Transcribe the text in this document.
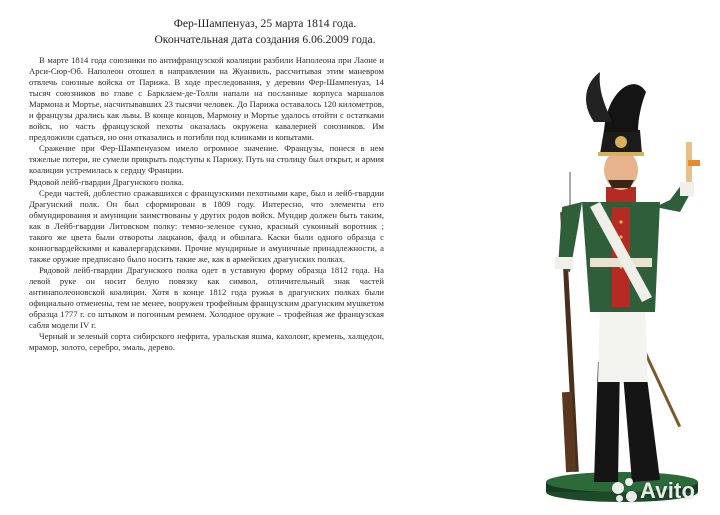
Фер-Шампенуаз, 25 марта 1814 года.
Окончательная дата создания 6.06.2009 года.

В марте 1814 года союзники по антифранцузской коалиции разбили Наполеона при Лаоне и Арси-Сюр-Об. Наполеон отошел в направлении на Жуанвиль, рассчитывая этим маневром отвлечь союзные войска от Парижа. В ходе преследования, у деревни Фер-Шампенуаз, 14 тысяч союзников во главе с Барклаем-де-Толли напали на посланные корпуса маршалов Мармона и Мортье, насчитывавших 23 тысячи человек. До Парижа оставалось 120 километров, и французы дрались как львы. В конце концов, Мармону и Мортье удалось отойти с остатками войск, но часть французской пехоты оказалась окружена кавалерией союзников. Им предложили сдаться, но они отказались и погибли под клинками и копытами.

Сражение при Фер-Шампенуазом имело огромное значение. Французы, понеся в нем тяжелые потери, не сумели прикрыть подступы к Парижу. Путь на столицу был открыт, и армия коалиции устремилась к сердцу Франции.

Рядовой лейб-гвардии Драгунского полка.

Среди частей, доблестно сражавшихся с французскими пехотными каре, был и лейб-гвардии Драгунский полк. Он был сформирован в 1809 году. Интересно, что элементы его обмундирования и амуниции заимствованы у других родов войск. Мундир должен быть таким, как в Лейб-гвардии Литовском полку: темно-зеленое сукно, красный суконный воротник ; такого же цвета были отвороты лацканов, фалд и обшлага. Каски были одного образца с конногвардейскими и кавалергардскими. Прочие мундирные и амуничные принадлежности, а также оружие предписано было носить такие же, как в армейских драгунских полках.

Рядовой лейб-гвардии Драгунского полка одет в уставную форму образца 1812 года. На левой руке он носит белую повязку как символ, отличительный знак частей антинаполеоновской коалиции. Хотя в конце 1812 года ружья в драгунских полках были официально отменены, тем не менее, вооружен трофейным французским драгунским мушкетом образца 1777 г. со штыком и погонным ремнем. Холодное оружие – трофейная же французская сабля модели IV г.

Черный и зеленый сорта сибирского нефрита, уральская яшма, кахолонг, кремень, халцедон, мрамор, золото, серебро, эмаль, дерево.

Avito
